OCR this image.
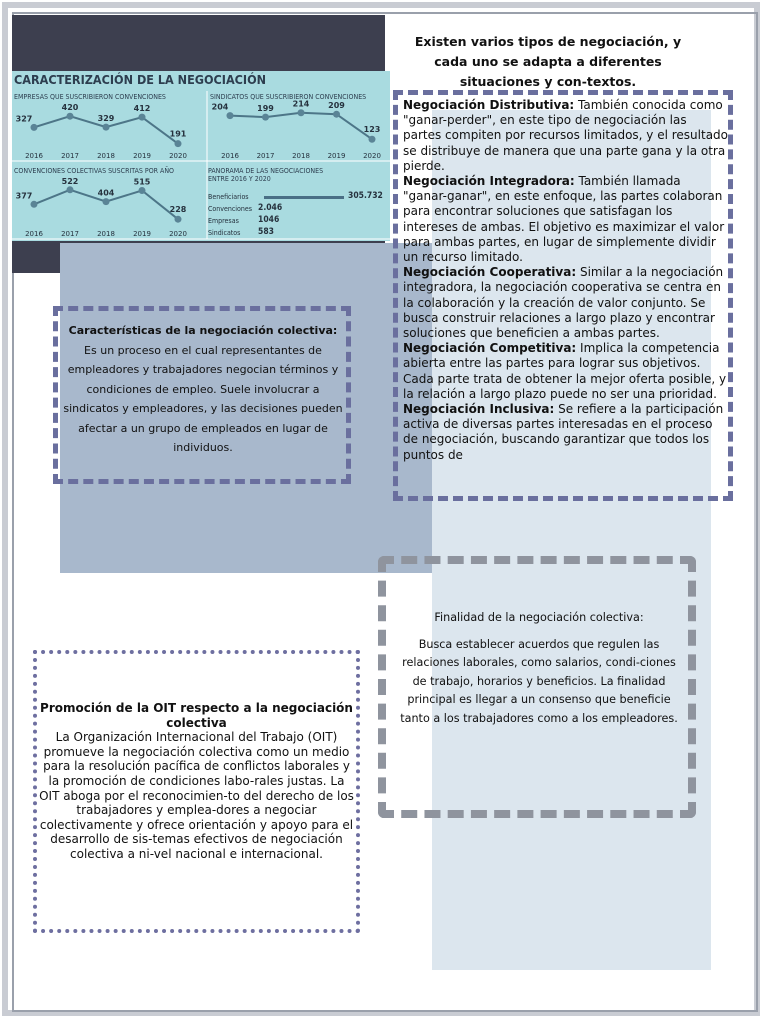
CARACTERIZACIÓN DE LA NEGOCIACIÓN
EMPRESAS QUE SUSCRIBIERON CONVENCIONES	SINDICATOS QUE SUSCRIBIERON CONVENCIONES
CONVENCIONES COLECTIVAS SUSCRITAS POR AÑO	PANORAMA DE LAS NEGOCIACIONES
ENTRE 2016 Y 2020
327
2016
420
2017
329
2018
412
2019
191
2020
204
2016
199
2017
214
2018
209
2019
123
2020
377
2016
522
2017
404
2018
515
2019
228
2020
Beneficiarios	305.732
Convenciones 2.046
Empresas 1046
Sindicatos 583
Existen varios tipos de negociación, y cada uno se adapta a diferentes situaciones y con-textos.
Negociación Distributiva: También conocida como "ganar-perder", en este tipo de negociación las partes compiten por recursos limitados, y el resultado se distribuye de manera que una parte gana y la otra pierde.
Negociación Integradora: También llamada "ganar-ganar", en este enfoque, las partes colaboran para encontrar soluciones que satisfagan los intereses de ambas. El objetivo es maximizar el valor para ambas partes, en lugar de simplemente dividir un recurso limitado.
Negociación Cooperativa: Similar a la negociación integradora, la negociación cooperativa se centra en la colaboración y la creación de valor conjunto. Se busca construir relaciones a largo plazo y encontrar soluciones que beneficien a ambas partes.
Negociación Competitiva: Implica la competencia abierta entre las partes para lograr sus objetivos. Cada parte trata de obtener la mejor oferta posible, y la relación a largo plazo puede no ser una prioridad.
Negociación Inclusiva: Se refiere a la participación activa de diversas partes interesadas en el proceso de negociación, buscando garantizar que todos los puntos de
Características de la negociación colectiva:
Es un proceso en el cual representantes de empleadores y trabajadores negocian términos y condiciones de empleo. Suele involucrar a sindicatos y empleadores, y las decisiones pueden afectar a un grupo de empleados en lugar de individuos.
Finalidad de la negociación colectiva:
Busca establecer acuerdos que regulen las relaciones laborales, como salarios, condi-ciones de trabajo, horarios y beneficios. La finalidad principal es llegar a un consenso que beneficie tanto a los trabajadores como a los empleadores.
Promoción de la OIT respecto a la negociación colectiva
La Organización Internacional del Trabajo (OIT) promueve la negociación colectiva como un medio para la resolución pacífica de conflictos laborales y la promoción de condiciones labo-rales justas. La OIT aboga por el reconocimien-to del derecho de los trabajadores y emplea-dores a negociar colectivamente y ofrece orientación y apoyo para el desarrollo de sis-temas efectivos de negociación colectiva a ni-vel nacional e internacional.
